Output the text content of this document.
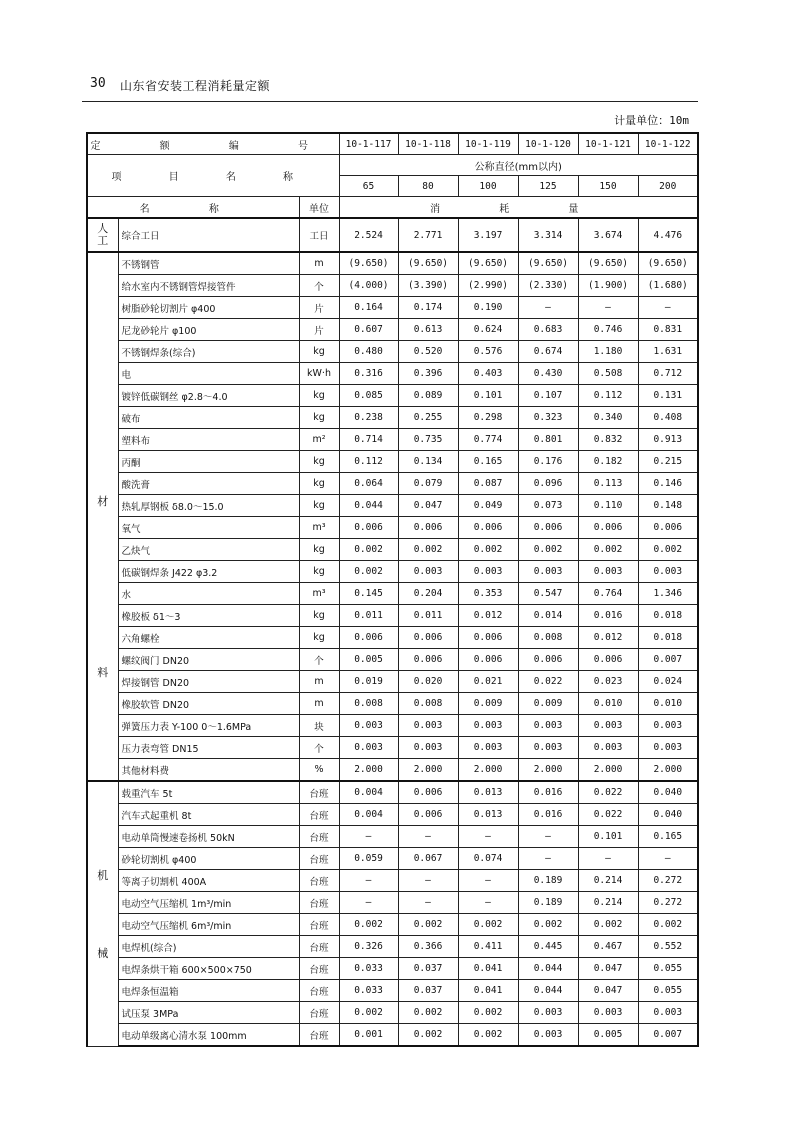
30 山东省安装工程消耗量定额
计量单位：10m
定 额 编 号			10-1-117	10-1-118	10-1-119	10-1-120	10-1-121	10-1-122
项 目 名 称			公称直径(mm以内)					
			65	80	100	125	150	200
名 称		单位	消 耗 量					

人
工	综合工日	工日	2.524	2.771	3.197	3.314	3.674	4.476

材
料	不锈钢管	m	(9.650)	(9.650)	(9.650)	(9.650)	(9.650)	(9.650)
	给水室内不锈钢管焊接管件	个	(4.000)	(3.390)	(2.990)	(2.330)	(1.900)	(1.680)
	树脂砂轮切割片 φ400	片	0.164	0.174	0.190	—	—	—
	尼龙砂轮片 φ100	片	0.607	0.613	0.624	0.683	0.746	0.831
	不锈钢焊条(综合)	kg	0.480	0.520	0.576	0.674	1.180	1.631
	电	kW·h	0.316	0.396	0.403	0.430	0.508	0.712
	镀锌低碳钢丝 φ2.8～4.0	kg	0.085	0.089	0.101	0.107	0.112	0.131
	破布	kg	0.238	0.255	0.298	0.323	0.340	0.408
	塑料布	m²	0.714	0.735	0.774	0.801	0.832	0.913
	丙酮	kg	0.112	0.134	0.165	0.176	0.182	0.215
	酸洗膏	kg	0.064	0.079	0.087	0.096	0.113	0.146
	热轧厚钢板 δ8.0～15.0	kg	0.044	0.047	0.049	0.073	0.110	0.148
	氧气	m³	0.006	0.006	0.006	0.006	0.006	0.006
	乙炔气	kg	0.002	0.002	0.002	0.002	0.002	0.002
	低碳钢焊条 J422 φ3.2	kg	0.002	0.003	0.003	0.003	0.003	0.003
	水	m³	0.145	0.204	0.353	0.547	0.764	1.346
	橡胶板 δ1～3	kg	0.011	0.011	0.012	0.014	0.016	0.018
	六角螺栓	kg	0.006	0.006	0.006	0.008	0.012	0.018
	螺纹阀门 DN20	个	0.005	0.006	0.006	0.006	0.006	0.007
	焊接钢管 DN20	m	0.019	0.020	0.021	0.022	0.023	0.024
	橡胶软管 DN20	m	0.008	0.008	0.009	0.009	0.010	0.010
	弹簧压力表 Y-100 0～1.6MPa	块	0.003	0.003	0.003	0.003	0.003	0.003
	压力表弯管 DN15	个	0.003	0.003	0.003	0.003	0.003	0.003
	其他材料费	%	2.000	2.000	2.000	2.000	2.000	2.000

机
械	载重汽车 5t	台班	0.004	0.006	0.013	0.016	0.022	0.040
	汽车式起重机 8t	台班	0.004	0.006	0.013	0.016	0.022	0.040
	电动单筒慢速卷扬机 50kN	台班	—	—	—	—	0.101	0.165
	砂轮切割机 φ400	台班	0.059	0.067	0.074	—	—	—
	等离子切割机 400A	台班	—	—	—	0.189	0.214	0.272
	电动空气压缩机 1m³/min	台班	—	—	—	0.189	0.214	0.272
	电动空气压缩机 6m³/min	台班	0.002	0.002	0.002	0.002	0.002	0.002
	电焊机(综合)	台班	0.326	0.366	0.411	0.445	0.467	0.552
	电焊条烘干箱 600×500×750	台班	0.033	0.037	0.041	0.044	0.047	0.055
	电焊条恒温箱	台班	0.033	0.037	0.041	0.044	0.047	0.055
	试压泵 3MPa	台班	0.002	0.002	0.002	0.003	0.003	0.003
	电动单级离心清水泵 100mm	台班	0.001	0.002	0.002	0.003	0.005	0.007
